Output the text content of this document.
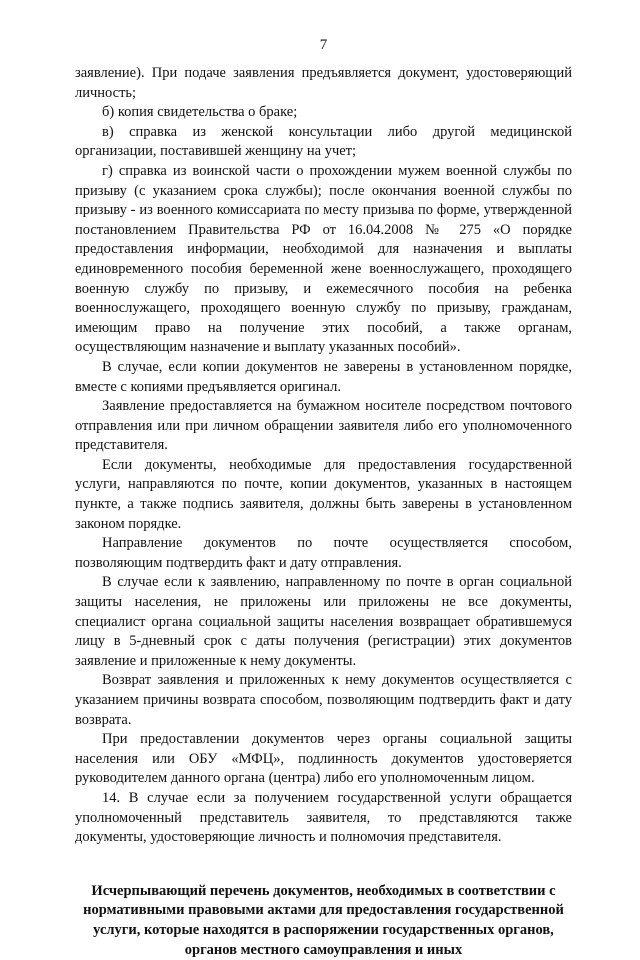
7

заявление). При подаче заявления предъявляется документ, удостоверяющий личность;

б) копия свидетельства о браке;

в) справка из женской консультации либо другой медицинской организации, поставившей женщину на учет;

г) справка из воинской части о прохождении мужем военной службы по призыву (с указанием срока службы); после окончания военной службы по призыву - из военного комиссариата по месту призыва по форме, утвержденной постановлением Правительства РФ от 16.04.2008 № 275 «О порядке предоставления информации, необходимой для назначения и выплаты единовременного пособия беременной жене военнослужащего, проходящего военную службу по призыву, и ежемесячного пособия на ребенка военнослужащего, проходящего военную службу по призыву, гражданам, имеющим право на получение этих пособий, а также органам, осуществляющим назначение и выплату указанных пособий».

В случае, если копии документов не заверены в установленном порядке, вместе с копиями предъявляется оригинал.

Заявление предоставляется на бумажном носителе посредством почтового отправления или при личном обращении заявителя либо его уполномоченного представителя.

Если документы, необходимые для предоставления государственной услуги, направляются по почте, копии документов, указанных в настоящем пункте, а также подпись заявителя, должны быть заверены в установленном законом порядке.

Направление документов по почте осуществляется способом, позволяющим подтвердить факт и дату отправления.

В случае если к заявлению, направленному по почте в орган социальной защиты населения, не приложены или приложены не все документы, специалист органа социальной защиты населения возвращает обратившемуся лицу в 5-дневный срок с даты получения (регистрации) этих документов заявление и приложенные к нему документы.

Возврат заявления и приложенных к нему документов осуществляется с указанием причины возврата способом, позволяющим подтвердить факт и дату возврата.

При предоставлении документов через органы социальной защиты населения или ОБУ «МФЦ», подлинность документов удостоверяется руководителем данного органа (центра) либо его уполномоченным лицом.

14. В случае если за получением государственной услуги обращается уполномоченный представитель заявителя, то представляются также документы, удостоверяющие личность и полномочия представителя.

Исчерпывающий перечень документов, необходимых в соответствии с нормативными правовыми актами для предоставления государственной услуги, которые находятся в распоряжении государственных органов, органов местного самоуправления и иных
